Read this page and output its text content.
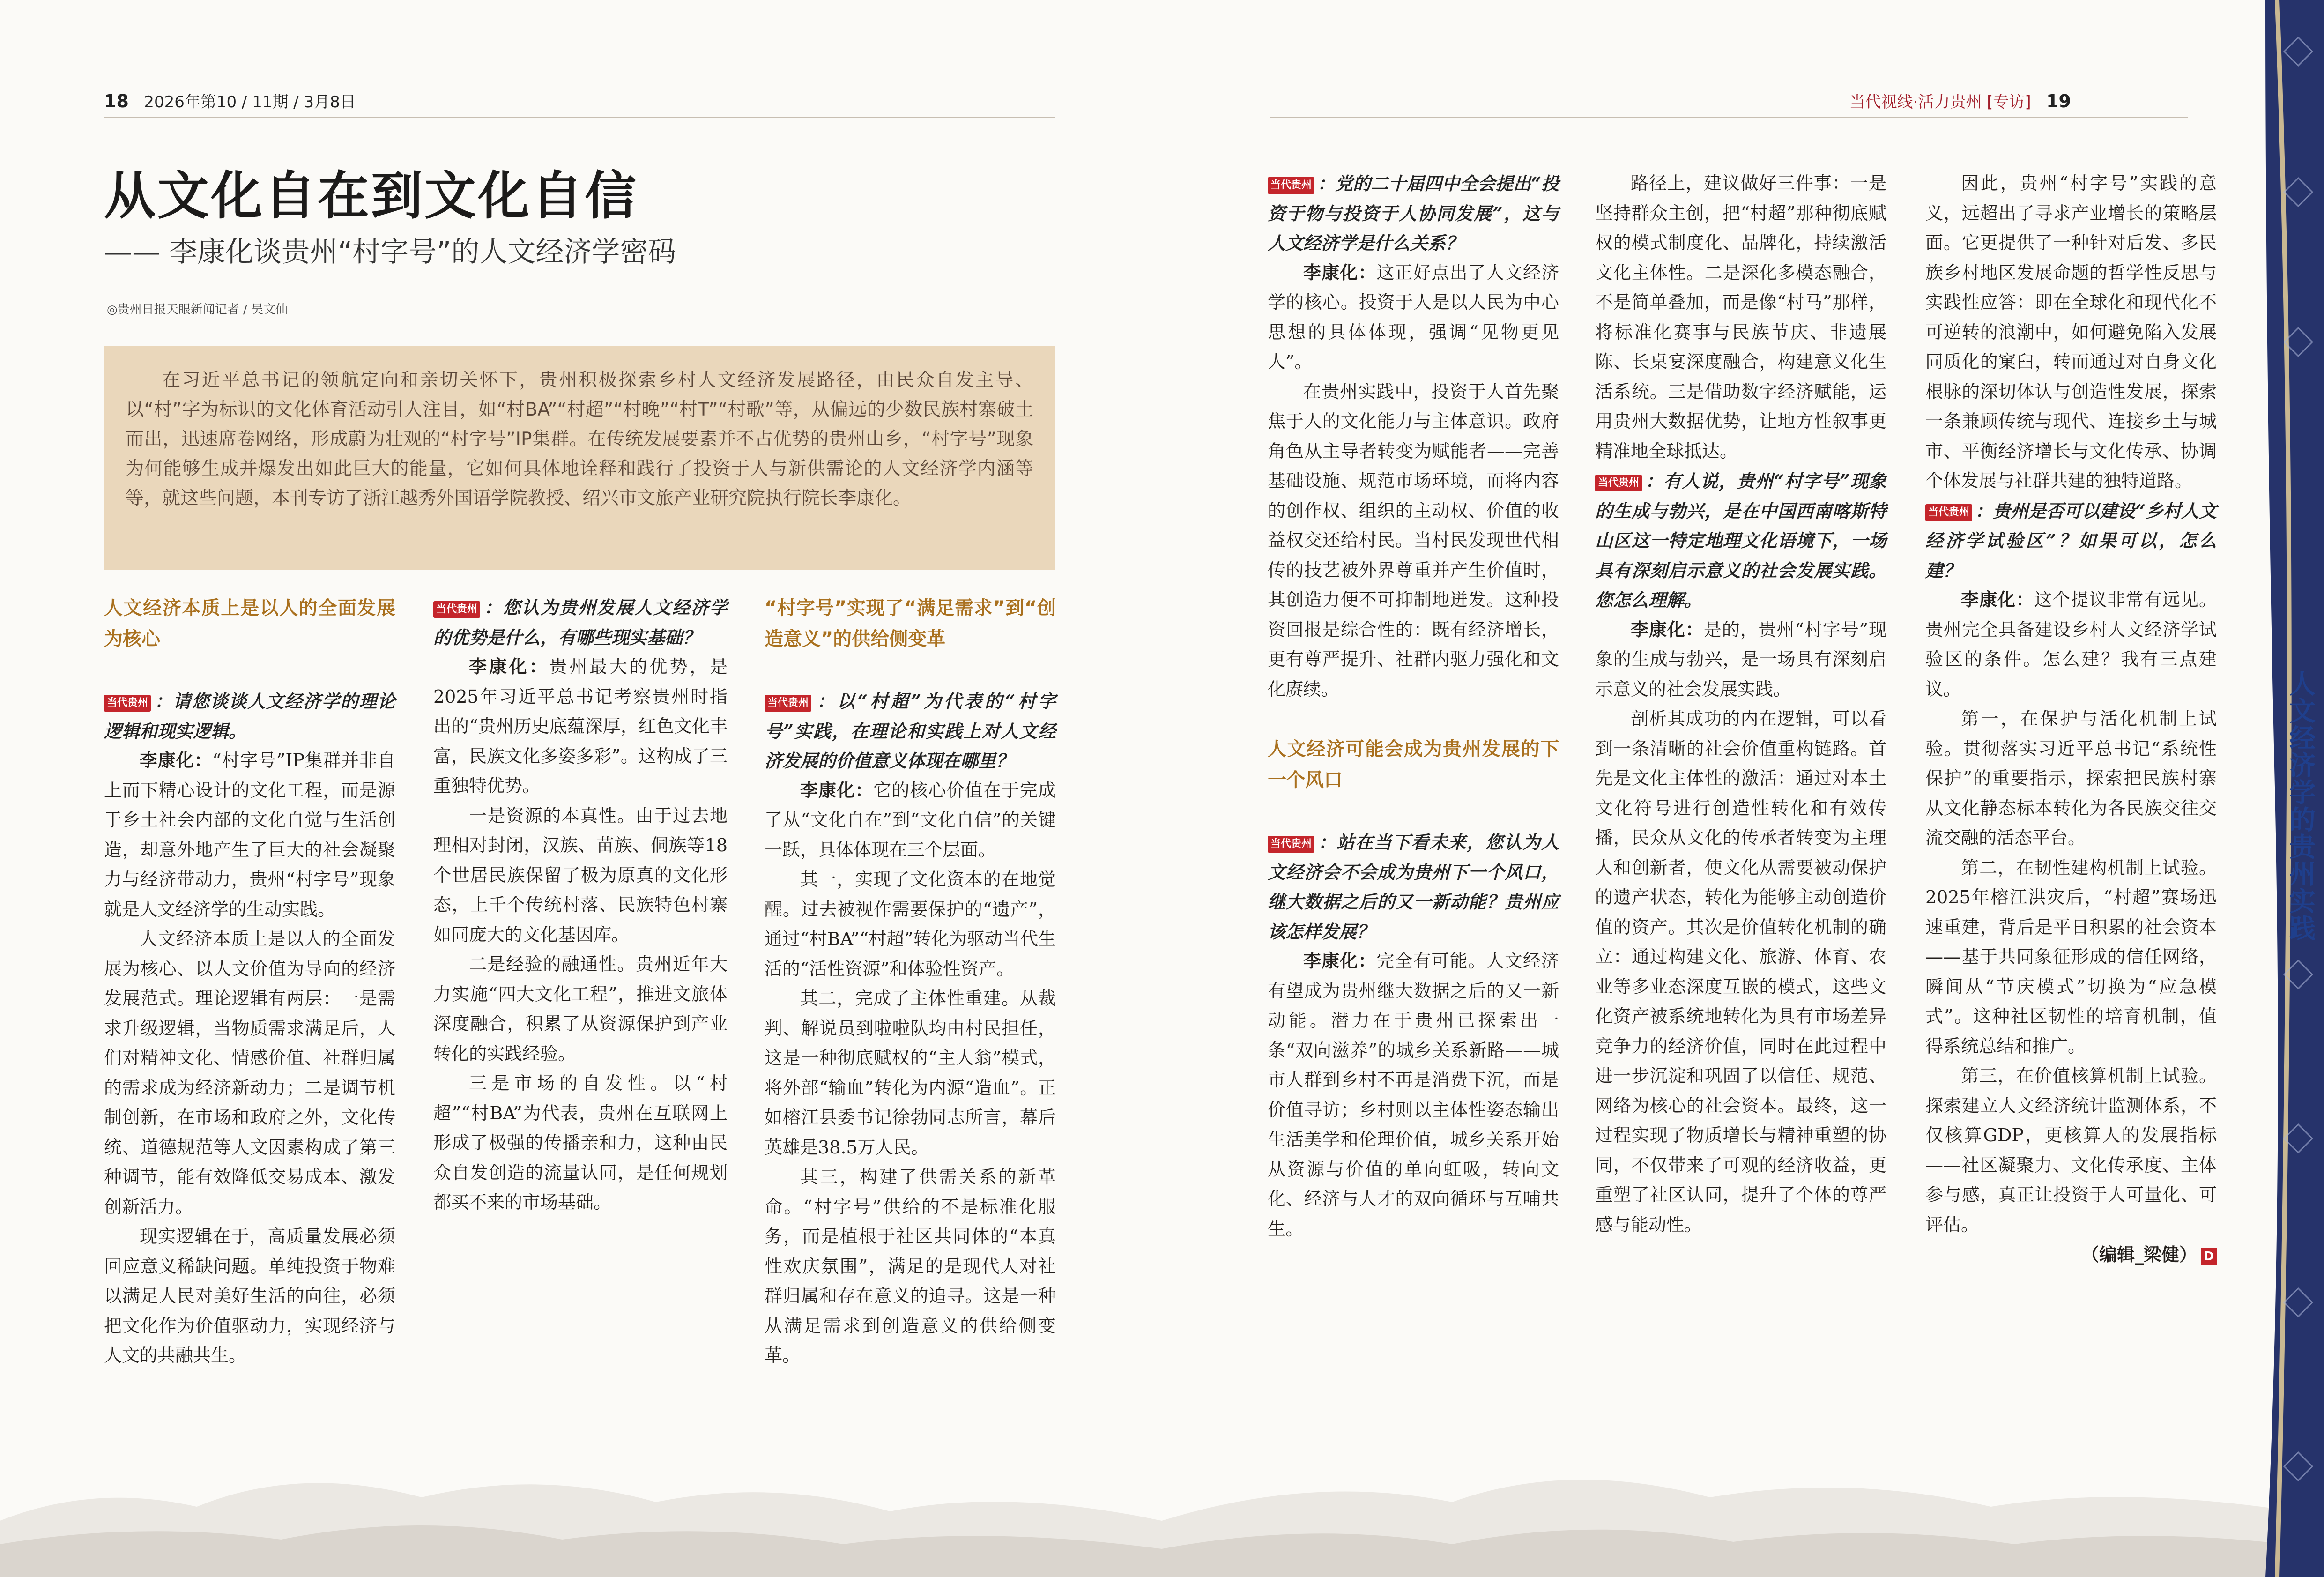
人文经济学的贵州实践
18 2026年第10 / 11期 / 3月8日
从文化自在到文化自信
—— 李康化谈贵州“村字号”的人文经济学密码
◎贵州日报天眼新闻记者 / 吴文仙
在习近平总书记的领航定向和亲切关怀下，贵州积极探索乡村人文经济发展路径，由民众自发主导、以“村”字为标识的文化体育活动引人注目，如“村BA”“村超”“村晚”“村T”“村歌”等，从偏远的少数民族村寨破土而出，迅速席卷网络，形成蔚为壮观的“村字号”IP集群。在传统发展要素并不占优势的贵州山乡，“村字号”现象为何能够生成并爆发出如此巨大的能量，它如何具体地诠释和践行了投资于人与新供需论的人文经济学内涵等等，就这些问题，本刊专访了浙江越秀外国语学院教授、绍兴市文旅产业研究院执行院长李康化。
人文经济本质上是以人的全面发展为核心

当代贵州 ：请您谈谈人文经济学的理论逻辑和现实逻辑。

李康化：“村字号”IP集群并非自上而下精心设计的文化工程，而是源于乡土社会内部的文化自觉与生活创造，却意外地产生了巨大的社会凝聚力与经济带动力，贵州“村字号”现象就是人文经济学的生动实践。

人文经济本质上是以人的全面发展为核心、以人文价值为导向的经济发展范式。理论逻辑有两层：一是需求升级逻辑，当物质需求满足后，人们对精神文化、情感价值、社群归属的需求成为经济新动力；二是调节机制创新，在市场和政府之外，文化传统、道德规范等人文因素构成了第三种调节，能有效降低交易成本、激发创新活力。

现实逻辑在于，高质量发展必须回应意义稀缺问题。单纯投资于物难以满足人民对美好生活的向往，必须把文化作为价值驱动力，实现经济与人文的共融共生。

当代贵州 ：您认为贵州发展人文经济学的优势是什么，有哪些现实基础？

李康化：贵州最大的优势，是2025年习近平总书记考察贵州时指出的“贵州历史底蕴深厚，红色文化丰富，民族文化多姿多彩”。这构成了三重独特优势。

一是资源的本真性。由于过去地理相对封闭，汉族、苗族、侗族等18个世居民族保留了极为原真的文化形态，上千个传统村落、民族特色村寨如同庞大的文化基因库。

二是经验的融通性。贵州近年大力实施“四大文化工程”，推进文旅体深度融合，积累了从资源保护到产业转化的实践经验。

三是市场的自发性。以“村超”“村BA”为代表，贵州在互联网上形成了极强的传播亲和力，这种由民众自发创造的流量认同，是任何规划都买不来的市场基础。

“村字号”实现了“满足需求”到“创造意义”的供给侧变革

当代贵州 ：以“村超”为代表的“村字号”实践，在理论和实践上对人文经济发展的价值意义体现在哪里？

李康化：它的核心价值在于完成了从“文化自在”到“文化自信”的关键一跃，具体体现在三个层面。

其一，实现了文化资本的在地觉醒。过去被视作需要保护的“遗产”，通过“村BA”“村超”转化为驱动当代生活的“活性资源”和体验性资产。

其二，完成了主体性重建。从裁判、解说员到啦啦队均由村民担任，这是一种彻底赋权的“主人翁”模式，将外部“输血”转化为内源“造血”。正如榕江县委书记徐勃同志所言，幕后英雄是38.5万人民。

其三，构建了供需关系的新革命。“村字号”供给的不是标准化服务，而是植根于社区共同体的“本真性欢庆氛围”，满足的是现代人对社群归属和存在意义的追寻。这是一种从满足需求到创造意义的供给侧变革。

当代视线·活力贵州 [专访] 19

当代贵州 ：党的二十届四中全会提出“投资于物与投资于人协同发展”，这与人文经济学是什么关系？

李康化：这正好点出了人文经济学的核心。投资于人是以人民为中心思想的具体体现，强调“见物更见人”。

在贵州实践中，投资于人首先聚焦于人的文化能力与主体意识。政府角色从主导者转变为赋能者——完善基础设施、规范市场环境，而将内容的创作权、组织的主动权、价值的收益权交还给村民。当村民发现世代相传的技艺被外界尊重并产生价值时，其创造力便不可抑制地迸发。这种投资回报是综合性的：既有经济增长，更有尊严提升、社群内驱力强化和文化赓续。

人文经济可能会成为贵州发展的下一个风口

当代贵州 ：站在当下看未来，您认为人文经济会不会成为贵州下一个风口，继大数据之后的又一新动能？贵州应该怎样发展？

李康化：完全有可能。人文经济有望成为贵州继大数据之后的又一新动能。潜力在于贵州已探索出一条“双向滋养”的城乡关系新路——城市人群到乡村不再是消费下沉，而是价值寻访；乡村则以主体性姿态输出生活美学和伦理价值，城乡关系开始从资源与价值的单向虹吸，转向文化、经济与人才的双向循环与互哺共生。

路径上，建议做好三件事：一是坚持群众主创，把“村超”那种彻底赋权的模式制度化、品牌化，持续激活文化主体性。二是深化多模态融合，不是简单叠加，而是像“村马”那样，将标准化赛事与民族节庆、非遗展陈、长桌宴深度融合，构建意义化生活系统。三是借助数字经济赋能，运用贵州大数据优势，让地方性叙事更精准地全球抵达。

当代贵州 ：有人说，贵州“村字号”现象的生成与勃兴，是在中国西南喀斯特山区这一特定地理文化语境下，一场具有深刻启示意义的社会发展实践。您怎么理解。

李康化：是的，贵州“村字号”现象的生成与勃兴，是一场具有深刻启示意义的社会发展实践。

剖析其成功的内在逻辑，可以看到一条清晰的社会价值重构链路。首先是文化主体性的激活：通过对本土文化符号进行创造性转化和有效传播，民众从文化的传承者转变为主理人和创新者，使文化从需要被动保护的遗产状态，转化为能够主动创造价值的资产。其次是价值转化机制的确立：通过构建文化、旅游、体育、农业等多业态深度互嵌的模式，这些文化资产被系统地转化为具有市场差异竞争力的经济价值，同时在此过程中进一步沉淀和巩固了以信任、规范、网络为核心的社会资本。最终，这一过程实现了物质增长与精神重塑的协同，不仅带来了可观的经济收益，更重塑了社区认同，提升了个体的尊严感与能动性。

因此，贵州“村字号”实践的意义，远超出了寻求产业增长的策略层面。它更提供了一种针对后发、多民族乡村地区发展命题的哲学性反思与实践性应答：即在全球化和现代化不可逆转的浪潮中，如何避免陷入发展同质化的窠臼，转而通过对自身文化根脉的深切体认与创造性发展，探索一条兼顾传统与现代、连接乡土与城市、平衡经济增长与文化传承、协调个体发展与社群共建的独特道路。

当代贵州 ：贵州是否可以建设“乡村人文经济学试验区”？如果可以，怎么建？

李康化：这个提议非常有远见。贵州完全具备建设乡村人文经济学试验区的条件。怎么建？我有三点建议。

第一，在保护与活化机制上试验。贯彻落实习近平总书记“系统性保护”的重要指示，探索把民族村寨从文化静态标本转化为各民族交往交流交融的活态平台。

第二，在韧性建构机制上试验。2025年榕江洪灾后，“村超”赛场迅速重建，背后是平日积累的社会资本——基于共同象征形成的信任网络，瞬间从“节庆模式”切换为“应急模式”。这种社区韧性的培育机制，值得系统总结和推广。

第三，在价值核算机制上试验。探索建立人文经济统计监测体系，不仅核算GDP，更核算人的发展指标——社区凝聚力、文化传承度、主体参与感，真正让投资于人可量化、可评估。

（编辑_梁健） D
